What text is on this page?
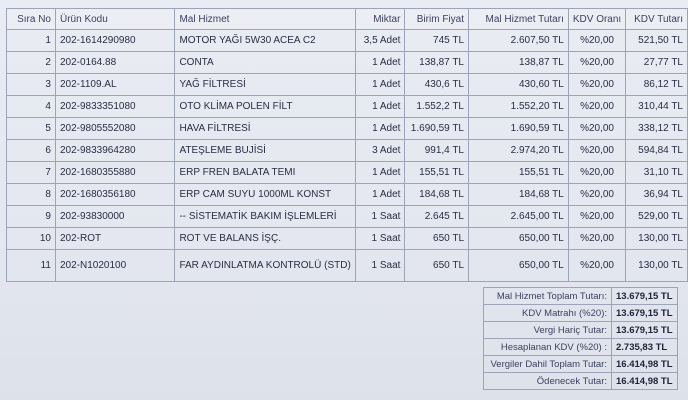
Sıra No	Ürün Kodu	Mal Hizmet	Miktar	Birim Fiyat	Mal Hizmet Tutarı	KDV Oranı	KDV Tutarı
1	202-1614290980	MOTOR YAĞI 5W30 ACEA C2	3,5 Adet	745 TL	2.607,50 TL	%20,00	521,50 TL
2	202-0164.88	CONTA	1 Adet	138,87 TL	138,87 TL	%20,00	27,77 TL
3	202-1109.AL	YAĞ FİLTRESİ	1 Adet	430,6 TL	430,60 TL	%20,00	86,12 TL
4	202-9833351080	OTO KLİMA POLEN FİLT	1 Adet	1.552,2 TL	1.552,20 TL	%20,00	310,44 TL
5	202-9805552080	HAVA FİLTRESİ	1 Adet	1.690,59 TL	1.690,59 TL	%20,00	338,12 TL
6	202-9833964280	ATEŞLEME BUJİSİ	3 Adet	991,4 TL	2.974,20 TL	%20,00	594,84 TL
7	202-1680355880	ERP FREN BALATA TEMI	1 Adet	155,51 TL	155,51 TL	%20,00	31,10 TL
8	202-1680356180	ERP CAM SUYU 1000ML KONST	1 Adet	184,68 TL	184,68 TL	%20,00	36,94 TL
9	202-93830000	-- SİSTEMATİK BAKIM İŞLEMLERİ	1 Saat	2.645 TL	2.645,00 TL	%20,00	529,00 TL
10	202-ROT	ROT VE BALANS İŞÇ.	1 Saat	650 TL	650,00 TL	%20,00	130,00 TL
11	202-N1020100	FAR AYDINLATMA KONTROLÜ (STD)	1 Saat	650 TL	650,00 TL	%20,00	130,00 TL
Mal Hizmet Toplam Tutarı:	13.679,15 TL
KDV Matrahı (%20):	13.679,15 TL
Vergi Hariç Tutar:	13.679,15 TL
Hesaplanan KDV (%20) :	2.735,83 TL
Vergiler Dahil Toplam Tutar:	16.414,98 TL
Ödenecek Tutar:	16.414,98 TL
